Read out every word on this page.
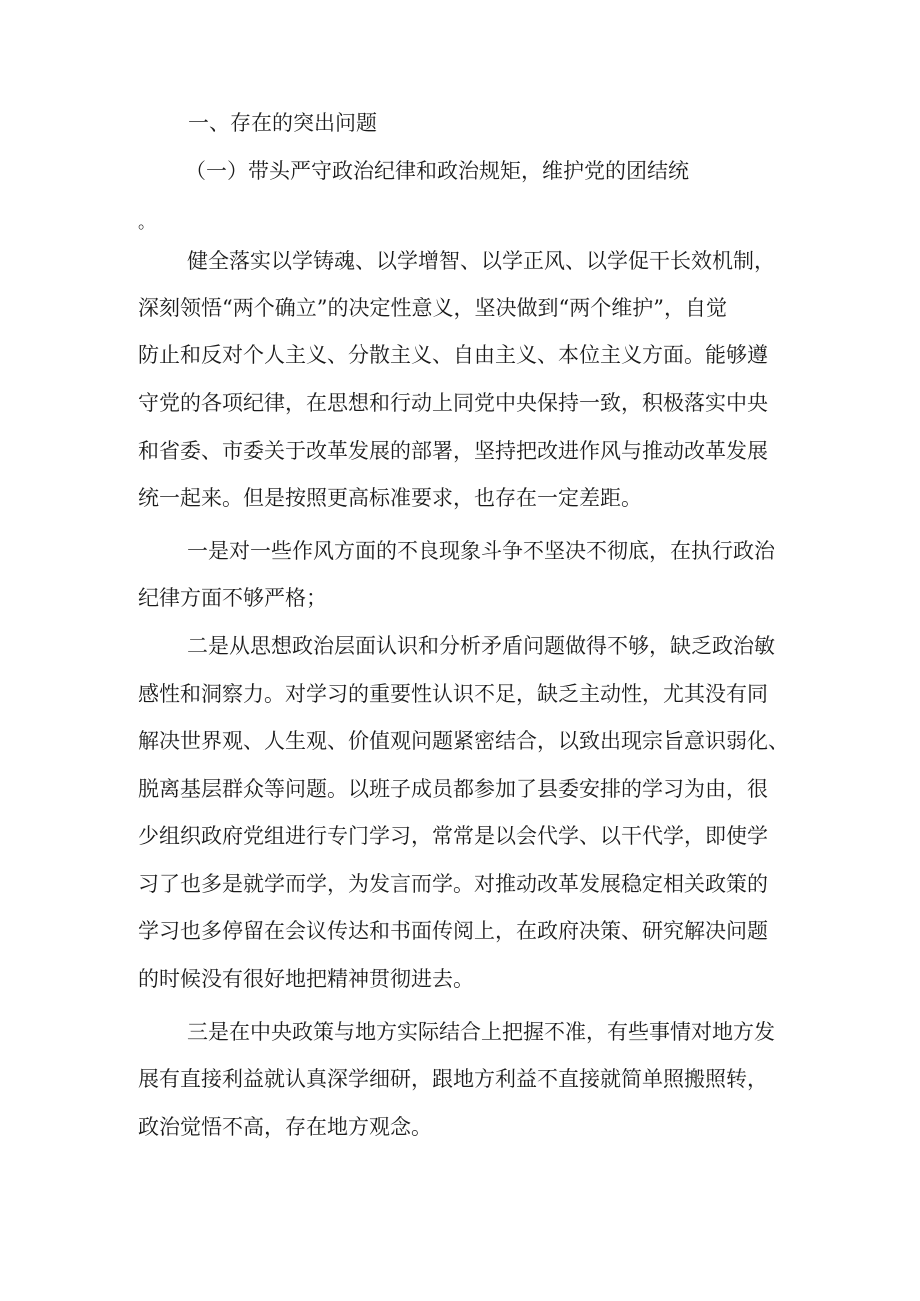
一、存在的突出问题
（一）带头严守政治纪律和政治规矩，维护党的团结统
。
健全落实以学铸魂、以学增智、以学正风、以学促干长效机制，
深刻领悟“两个确立”的决定性意义，坚决做到“两个维护”，自觉
防止和反对个人主义、分散主义、自由主义、本位主义方面。能够遵
守党的各项纪律，在思想和行动上同党中央保持一致，积极落实中央
和省委、市委关于改革发展的部署，坚持把改进作风与推动改革发展
统一起来。但是按照更高标准要求，也存在一定差距。
一是对一些作风方面的不良现象斗争不坚决不彻底，在执行政治
纪律方面不够严格；
二是从思想政治层面认识和分析矛盾问题做得不够，缺乏政治敏
感性和洞察力。对学习的重要性认识不足，缺乏主动性，尤其没有同
解决世界观、人生观、价值观问题紧密结合，以致出现宗旨意识弱化、
脱离基层群众等问题。以班子成员都参加了县委安排的学习为由，很
少组织政府党组进行专门学习，常常是以会代学、以干代学，即使学
习了也多是就学而学，为发言而学。对推动改革发展稳定相关政策的
学习也多停留在会议传达和书面传阅上，在政府决策、研究解决问题
的时候没有很好地把精神贯彻进去。
三是在中央政策与地方实际结合上把握不准，有些事情对地方发
展有直接利益就认真深学细研，跟地方利益不直接就简单照搬照转，
政治觉悟不高，存在地方观念。
